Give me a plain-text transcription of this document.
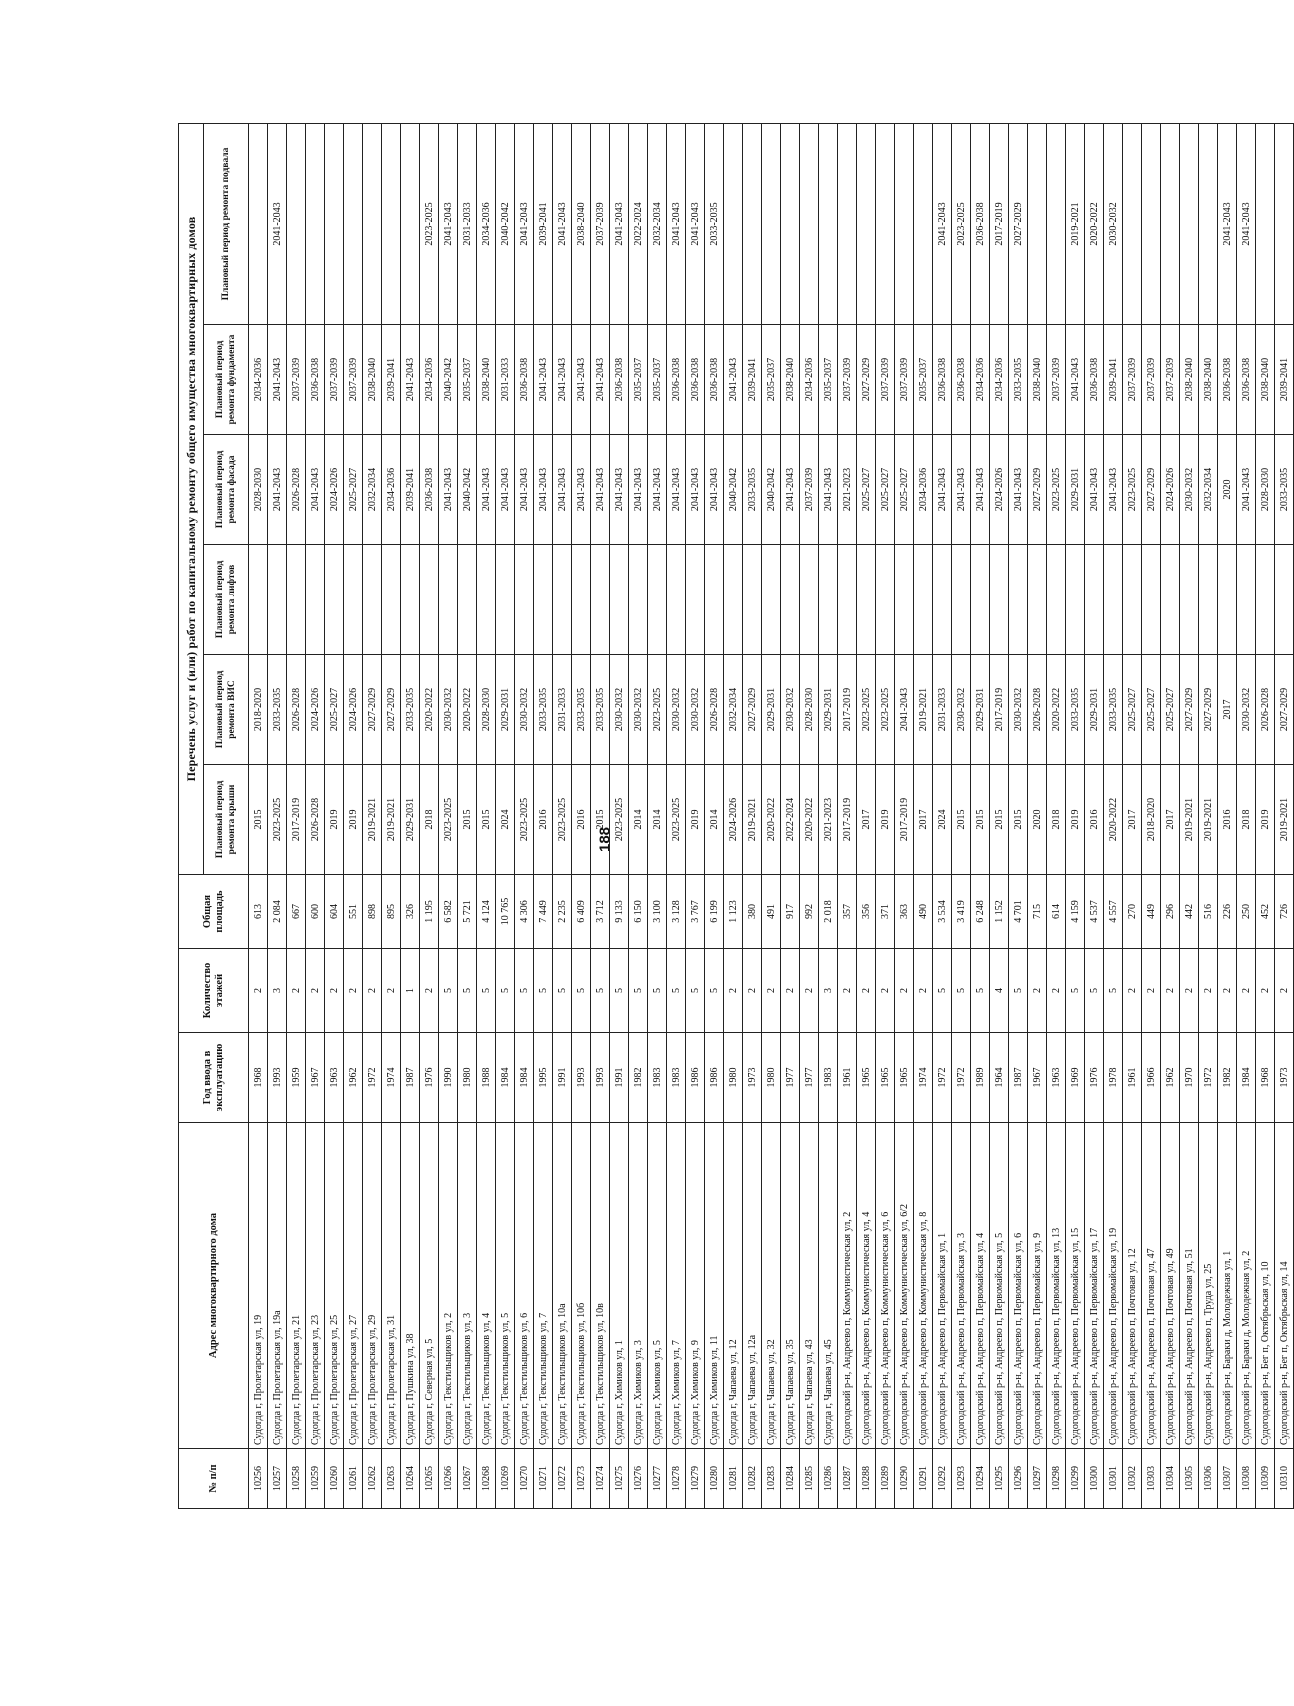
188
№ п/п	Адрес многоквартирного дома	Год ввода в эксплуатацию	Количество этажей	Общая площадь	Перечень услуг и (или) работ по капитальному ремонту общего имущества многоквартирных домов					
					Плановый период ремонта крыши	Плановый период ремонта ВИС	Плановый период ремонта лифтов	Плановый период ремонта фасада	Плановый период ремонта фундамента	Плановый период ремонта подвала
10256	Судогда г, Пролетарская ул, 19	1968	2	613	2015	2018-2020		2028-2030	2034-2036	
10257	Судогда г, Пролетарская ул, 19а	1993	3	2 084	2023-2025	2033-2035		2041-2043	2041-2043	2041-2043
10258	Судогда г, Пролетарская ул, 21	1959	2	667	2017-2019	2026-2028		2026-2028	2037-2039	
10259	Судогда г, Пролетарская ул, 23	1967	2	600	2026-2028	2024-2026		2041-2043	2036-2038	
10260	Судогда г, Пролетарская ул, 25	1963	2	604	2019	2025-2027		2024-2026	2037-2039	
10261	Судогда г, Пролетарская ул, 27	1962	2	551	2019	2024-2026		2025-2027	2037-2039	
10262	Судогда г, Пролетарская ул, 29	1972	2	898	2019-2021	2027-2029		2032-2034	2038-2040	
10263	Судогда г, Пролетарская ул, 31	1974	2	895	2019-2021	2027-2029		2034-2036	2039-2041	
10264	Судогда г, Пушкина ул, 38	1987	1	326	2029-2031	2033-2035		2039-2041	2041-2043	
10265	Судогда г, Северная ул, 5	1976	2	1 195	2018	2020-2022		2036-2038	2034-2036	2023-2025
10266	Судогда г, Текстильщиков ул, 2	1990	5	6 582	2023-2025	2030-2032		2041-2043	2040-2042	2041-2043
10267	Судогда г, Текстильщиков ул, 3	1980	5	5 721	2015	2020-2022		2040-2042	2035-2037	2031-2033
10268	Судогда г, Текстильщиков ул, 4	1988	5	4 124	2015	2028-2030		2041-2043	2038-2040	2034-2036
10269	Судогда г, Текстильщиков ул, 5	1984	5	10 765	2024	2029-2031		2041-2043	2031-2033	2040-2042
10270	Судогда г, Текстильщиков ул, 6	1984	5	4 306	2023-2025	2030-2032		2041-2043	2036-2038	2041-2043
10271	Судогда г, Текстильщиков ул, 7	1995	5	7 449	2016	2033-2035		2041-2043	2041-2043	2039-2041
10272	Судогда г, Текстильщиков ул, 10а	1991	5	2 235	2023-2025	2031-2033		2041-2043	2041-2043	2041-2043
10273	Судогда г, Текстильщиков ул, 10б	1993	5	6 409	2016	2033-2035		2041-2043	2041-2043	2038-2040
10274	Судогда г, Текстильщиков ул, 10в	1993	5	3 712	2015	2033-2035		2041-2043	2041-2043	2037-2039
10275	Судогда г, Химиков ул, 1	1991	5	9 133	2023-2025	2030-2032		2041-2043	2036-2038	2041-2043
10276	Судогда г, Химиков ул, 3	1982	5	6 150	2014	2030-2032		2041-2043	2035-2037	2022-2024
10277	Судогда г, Химиков ул, 5	1983	5	3 100	2014	2023-2025		2041-2043	2035-2037	2032-2034
10278	Судогда г, Химиков ул, 7	1983	5	3 128	2023-2025	2030-2032		2041-2043	2036-2038	2041-2043
10279	Судогда г, Химиков ул, 9	1986	5	3 767	2019	2030-2032		2041-2043	2036-2038	2041-2043
10280	Судогда г, Химиков ул, 11	1986	5	6 199	2014	2026-2028		2041-2043	2036-2038	2033-2035
10281	Судогда г, Чапаева ул, 12	1980	2	1 123	2024-2026	2032-2034		2040-2042	2041-2043	
10282	Судогда г, Чапаева ул, 12а	1973	2	380	2019-2021	2027-2029		2033-2035	2039-2041	
10283	Судогда г, Чапаева ул, 32	1980	2	491	2020-2022	2029-2031		2040-2042	2035-2037	
10284	Судогда г, Чапаева ул, 35	1977	2	917	2022-2024	2030-2032		2041-2043	2038-2040	
10285	Судогда г, Чапаева ул, 43	1977	2	992	2020-2022	2028-2030		2037-2039	2034-2036	
10286	Судогда г, Чапаева ул, 45	1983	3	2 018	2021-2023	2029-2031		2041-2043	2035-2037	
10287	Судогодский р-н, Андреево п, Коммунистическая ул, 2	1961	2	357	2017-2019	2017-2019		2021-2023	2037-2039	
10288	Судогодский р-н, Андреево п, Коммунистическая ул, 4	1965	2	356	2017	2023-2025		2025-2027	2027-2029	
10289	Судогодский р-н, Андреево п, Коммунистическая ул, 6	1965	2	371	2019	2023-2025		2025-2027	2037-2039	
10290	Судогодский р-н, Андреево п, Коммунистическая ул, 6/2	1965	2	363	2017-2019	2041-2043		2025-2027	2037-2039	
10291	Судогодский р-н, Андреево п, Коммунистическая ул, 8	1974	2	490	2017	2019-2021		2034-2036	2035-2037	
10292	Судогодский р-н, Андреево п, Первомайская ул, 1	1972	5	3 534	2024	2031-2033		2041-2043	2036-2038	2041-2043
10293	Судогодский р-н, Андреево п, Первомайская ул, 3	1972	5	3 419	2015	2030-2032		2041-2043	2036-2038	2023-2025
10294	Судогодский р-н, Андреево п, Первомайская ул, 4	1989	5	6 248	2015	2029-2031		2041-2043	2034-2036	2036-2038
10295	Судогодский р-н, Андреево п, Первомайская ул, 5	1964	4	1 152	2015	2017-2019		2024-2026	2034-2036	2017-2019
10296	Судогодский р-н, Андреево п, Первомайская ул, 6	1987	5	4 701	2015	2030-2032		2041-2043	2033-2035	2027-2029
10297	Судогодский р-н, Андреево п, Первомайская ул, 9	1967	2	715	2020	2026-2028		2027-2029	2038-2040	
10298	Судогодский р-н, Андреево п, Первомайская ул, 13	1963	2	614	2018	2020-2022		2023-2025	2037-2039	
10299	Судогодский р-н, Андреево п, Первомайская ул, 15	1969	5	4 159	2019	2033-2035		2029-2031	2041-2043	2019-2021
10300	Судогодский р-н, Андреево п, Первомайская ул, 17	1976	5	4 537	2016	2029-2031		2041-2043	2036-2038	2020-2022
10301	Судогодский р-н, Андреево п, Первомайская ул, 19	1978	5	4 557	2020-2022	2033-2035		2041-2043	2039-2041	2030-2032
10302	Судогодский р-н, Андреево п, Почтовая ул, 12	1961	2	270	2017	2025-2027		2023-2025	2037-2039	
10303	Судогодский р-н, Андреево п, Почтовая ул, 47	1966	2	449	2018-2020	2025-2027		2027-2029	2037-2039	
10304	Судогодский р-н, Андреево п, Почтовая ул, 49	1962	2	296	2017	2025-2027		2024-2026	2037-2039	
10305	Судогодский р-н, Андреево п, Почтовая ул, 51	1970	2	442	2019-2021	2027-2029		2030-2032	2038-2040	
10306	Судогодский р-н, Андреево п, Труда ул, 25	1972	2	516	2019-2021	2027-2029		2032-2034	2038-2040	
10307	Судогодский р-н, Бараки д, Молодежная ул, 1	1982	2	226	2016	2017		2020	2036-2038	2041-2043
10308	Судогодский р-н, Бараки д, Молодежная ул, 2	1984	2	250	2018	2030-2032		2041-2043	2036-2038	2041-2043
10309	Судогодский р-н, Бег п, Октябрьская ул, 10	1968	2	452	2019	2026-2028		2028-2030	2038-2040	
10310	Судогодский р-н, Бег п, Октябрьская ул, 14	1973	2	726	2019-2021	2027-2029		2033-2035	2039-2041	
